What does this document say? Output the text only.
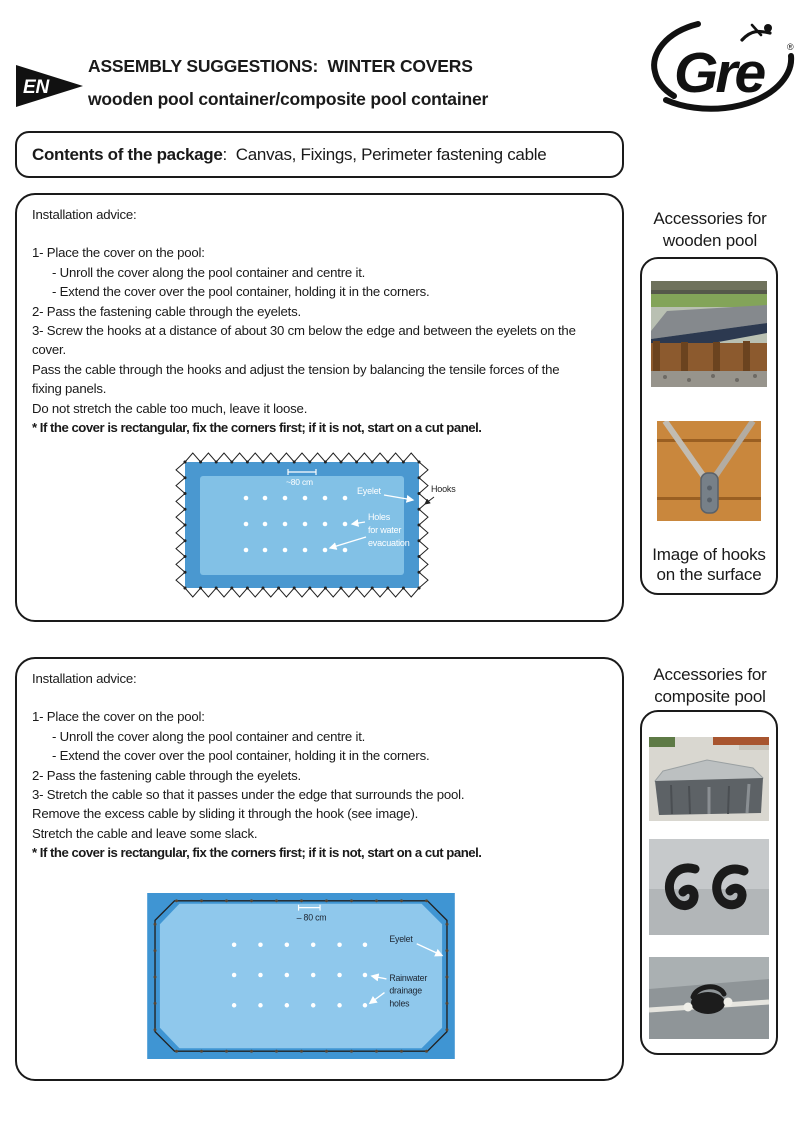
EN
ASSEMBLY SUGGESTIONS:  WINTER COVERS
wooden pool container/composite pool container	Gre	®
Contents of the package :  Canvas, Fixings, Perimeter fastening cable

Installation advice:

1- Place the cover on the pool:

- Unroll the cover along the pool container and centre it.

- Extend the cover over the pool container, holding it in the corners.

2- Pass the fastening cable through the eyelets.

3- Screw the hooks at a distance of about 30 cm below the edge and between the eyelets on the cover.

Pass the cable through the hooks and adjust the tension by balancing the tensile forces of the fixing panels.

Do not stretch the cable too much, leave it loose.

* If the cover is rectangular, fix the corners first; if it is not, start on a cut panel.

~80 cm
Eyelet
Holes
for water
evacuation
Hooks
Accessories for
wooden pool
Image of hooks
on the surface

Installation advice:

1- Place the cover on the pool:

- Unroll the cover along the pool container and centre it.

- Extend the cover over the pool container, holding it in the corners.

2- Pass the fastening cable through the eyelets.

3- Stretch the cable so that it passes under the edge that surrounds the pool.

Remove the excess cable by sliding it through the hook (see image).

Stretch the cable and leave some slack.

* If the cover is rectangular, fix the corners first; if it is not, start on a cut panel.

– 80 cm
Eyelet
Rainwater
drainage
holes
Accessories for
composite pool
